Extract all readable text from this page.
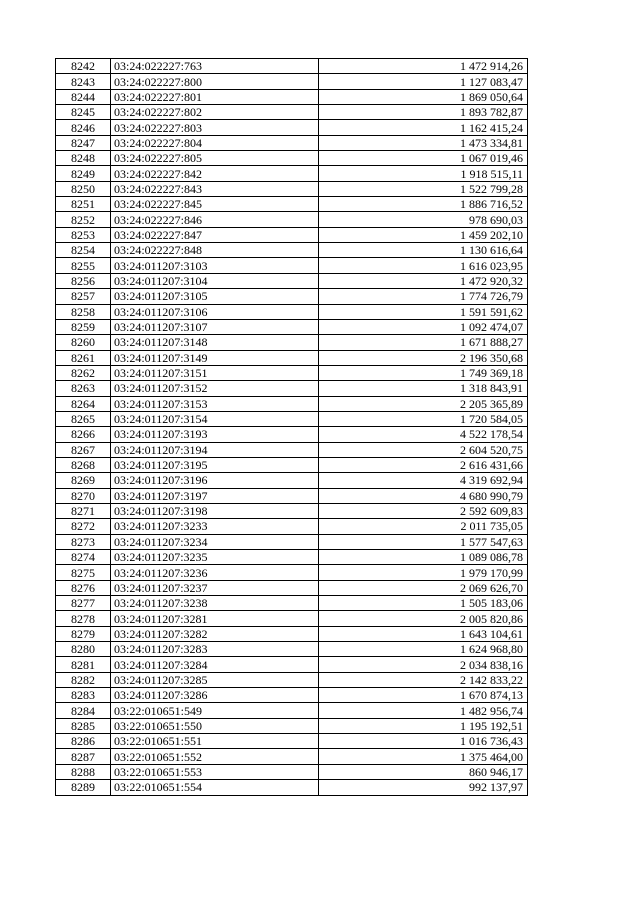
8242	03:24:022227:763	1 472 914,26
8243	03:24:022227:800	1 127 083,47
8244	03:24:022227:801	1 869 050,64
8245	03:24:022227:802	1 893 782,87
8246	03:24:022227:803	1 162 415,24
8247	03:24:022227:804	1 473 334,81
8248	03:24:022227:805	1 067 019,46
8249	03:24:022227:842	1 918 515,11
8250	03:24:022227:843	1 522 799,28
8251	03:24:022227:845	1 886 716,52
8252	03:24:022227:846	978 690,03
8253	03:24:022227:847	1 459 202,10
8254	03:24:022227:848	1 130 616,64
8255	03:24:011207:3103	1 616 023,95
8256	03:24:011207:3104	1 472 920,32
8257	03:24:011207:3105	1 774 726,79
8258	03:24:011207:3106	1 591 591,62
8259	03:24:011207:3107	1 092 474,07
8260	03:24:011207:3148	1 671 888,27
8261	03:24:011207:3149	2 196 350,68
8262	03:24:011207:3151	1 749 369,18
8263	03:24:011207:3152	1 318 843,91
8264	03:24:011207:3153	2 205 365,89
8265	03:24:011207:3154	1 720 584,05
8266	03:24:011207:3193	4 522 178,54
8267	03:24:011207:3194	2 604 520,75
8268	03:24:011207:3195	2 616 431,66
8269	03:24:011207:3196	4 319 692,94
8270	03:24:011207:3197	4 680 990,79
8271	03:24:011207:3198	2 592 609,83
8272	03:24:011207:3233	2 011 735,05
8273	03:24:011207:3234	1 577 547,63
8274	03:24:011207:3235	1 089 086,78
8275	03:24:011207:3236	1 979 170,99
8276	03:24:011207:3237	2 069 626,70
8277	03:24:011207:3238	1 505 183,06
8278	03:24:011207:3281	2 005 820,86
8279	03:24:011207:3282	1 643 104,61
8280	03:24:011207:3283	1 624 968,80
8281	03:24:011207:3284	2 034 838,16
8282	03:24:011207:3285	2 142 833,22
8283	03:24:011207:3286	1 670 874,13
8284	03:22:010651:549	1 482 956,74
8285	03:22:010651:550	1 195 192,51
8286	03:22:010651:551	1 016 736,43
8287	03:22:010651:552	1 375 464,00
8288	03:22:010651:553	860 946,17
8289	03:22:010651:554	992 137,97
